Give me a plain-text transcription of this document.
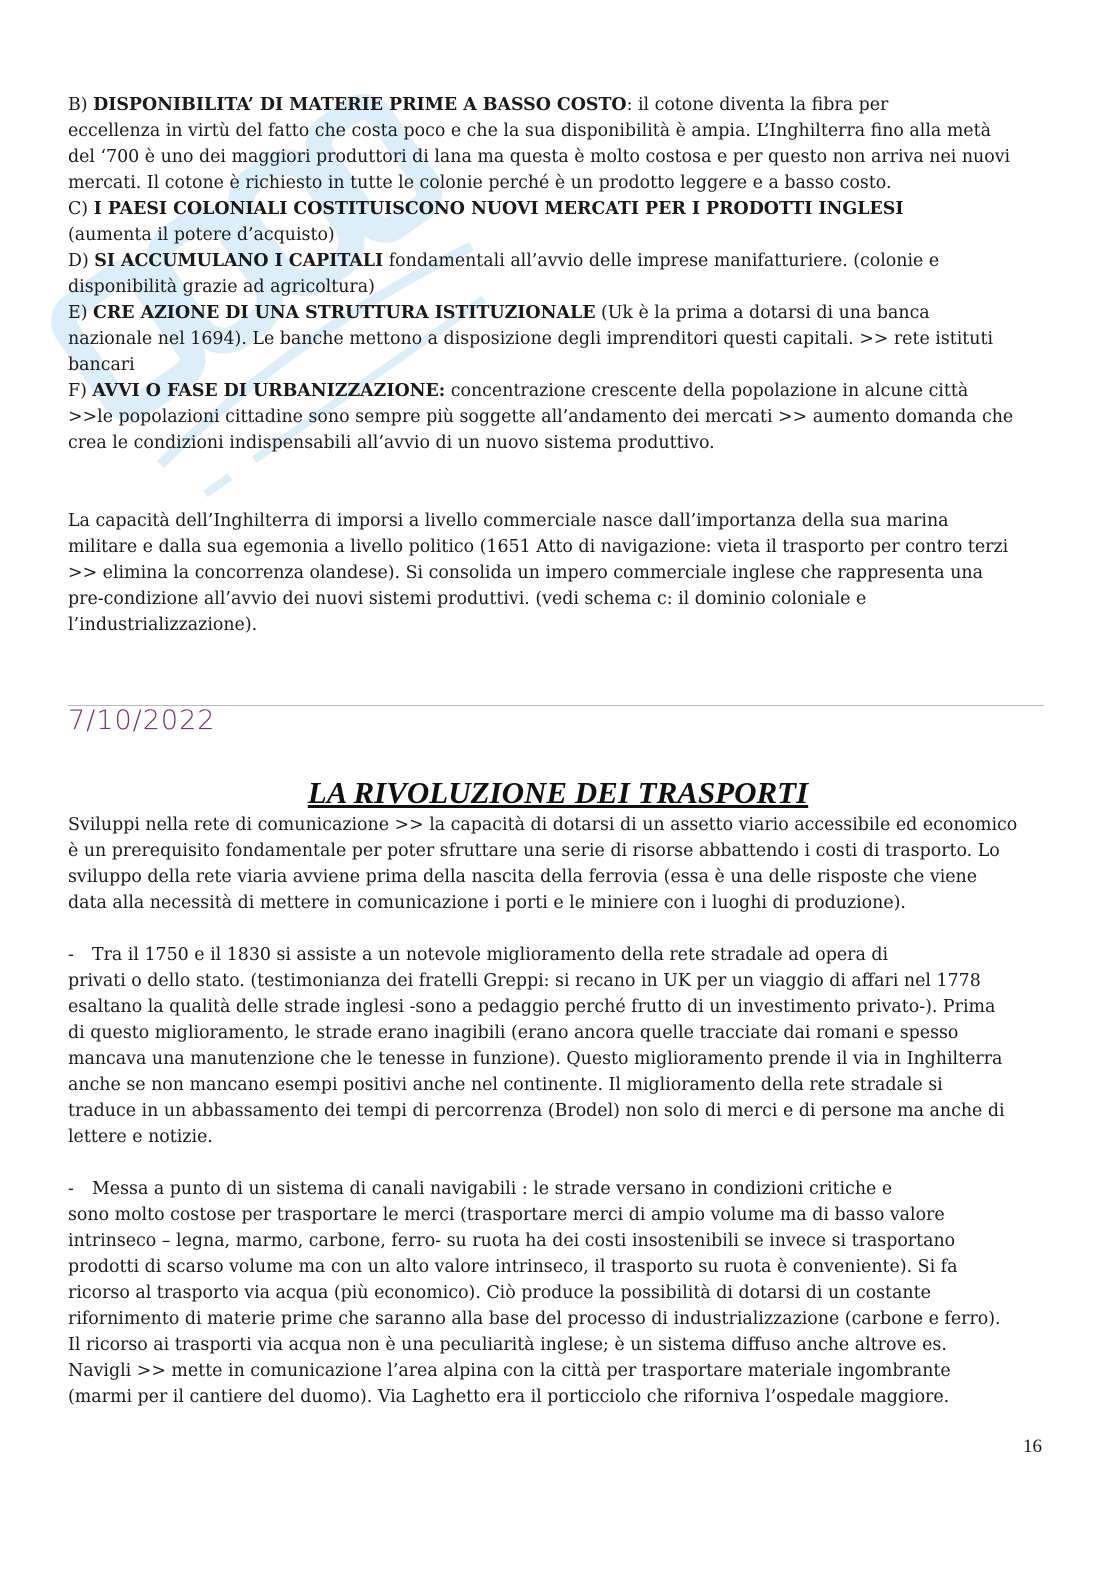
B) DISPONIBILITA’ DI MATERIE PRIME A BASSO COSTO: il cotone diventa la fibra per
eccellenza in virtù del fatto che costa poco e che la sua disponibilità è ampia. L’Inghilterra fino alla metà
del ‘700 è uno dei maggiori produttori di lana ma questa è molto costosa e per questo non arriva nei nuovi
mercati. Il cotone è richiesto in tutte le colonie perché è un prodotto leggere e a basso costo.

C) I PAESI COLONIALI COSTITUISCONO NUOVI MERCATI PER I PRODOTTI INGLESI
(aumenta il potere d’acquisto)

D) SI ACCUMULANO I CAPITALI fondamentali all’avvio delle imprese manifatturiere. (colonie e
disponibilità grazie ad agricoltura)

E) CRE AZIONE DI UNA STRUTTURA ISTITUZIONALE (Uk è la prima a dotarsi di una banca
nazionale nel 1694). Le banche mettono a disposizione degli imprenditori questi capitali. >> rete istituti
bancari

F) AVVI O FASE DI URBANIZZAZIONE: concentrazione crescente della popolazione in alcune città
>>le popolazioni cittadine sono sempre più soggette all’andamento dei mercati >> aumento domanda che
crea le condizioni indispensabili all’avvio di un nuovo sistema produttivo.

La capacità dell’Inghilterra di imporsi a livello commerciale nasce dall’importanza della sua marina
militare e dalla sua egemonia a livello politico (1651 Atto di navigazione: vieta il trasporto per contro terzi
>> elimina la concorrenza olandese). Si consolida un impero commerciale inglese che rappresenta una
pre-condizione all’avvio dei nuovi sistemi produttivi. (vedi schema c: il dominio coloniale e
l’industrializzazione).

7/10/2022
LA RIVOLUZIONE DEI TRASPORTI

Sviluppi nella rete di comunicazione >> la capacità di dotarsi di un assetto viario accessibile ed economico
è un prerequisito fondamentale per poter sfruttare una serie di risorse abbattendo i costi di trasporto. Lo
sviluppo della rete viaria avviene prima della nascita della ferrovia (essa è una delle risposte che viene
data alla necessità di mettere in comunicazione i porti e le miniere con i luoghi di produzione).

- Tra il 1750 e il 1830 si assiste a un notevole miglioramento della rete stradale ad opera di
privati o dello stato. (testimonianza dei fratelli Greppi: si recano in UK per un viaggio di affari nel 1778
esaltano la qualità delle strade inglesi -sono a pedaggio perché frutto di un investimento privato-). Prima
di questo miglioramento, le strade erano inagibili (erano ancora quelle tracciate dai romani e spesso
mancava una manutenzione che le tenesse in funzione). Questo miglioramento prende il via in Inghilterra
anche se non mancano esempi positivi anche nel continente. Il miglioramento della rete stradale si
traduce in un abbassamento dei tempi di percorrenza (Brodel) non solo di merci e di persone ma anche di
lettere e notizie.

- Messa a punto di un sistema di canali navigabili : le strade versano in condizioni critiche e
sono molto costose per trasportare le merci (trasportare merci di ampio volume ma di basso valore
intrinseco – legna, marmo, carbone, ferro- su ruota ha dei costi insostenibili se invece si trasportano
prodotti di scarso volume ma con un alto valore intrinseco, il trasporto su ruota è conveniente). Si fa
ricorso al trasporto via acqua (più economico). Ciò produce la possibilità di dotarsi di un costante
rifornimento di materie prime che saranno alla base del processo di industrializzazione (carbone e ferro).
Il ricorso ai trasporti via acqua non è una peculiarità inglese; è un sistema diffuso anche altrove es.
Navigli >> mette in comunicazione l’area alpina con la città per trasportare materiale ingombrante
(marmi per il cantiere del duomo). Via Laghetto era il porticciolo che riforniva l’ospedale maggiore.

16
